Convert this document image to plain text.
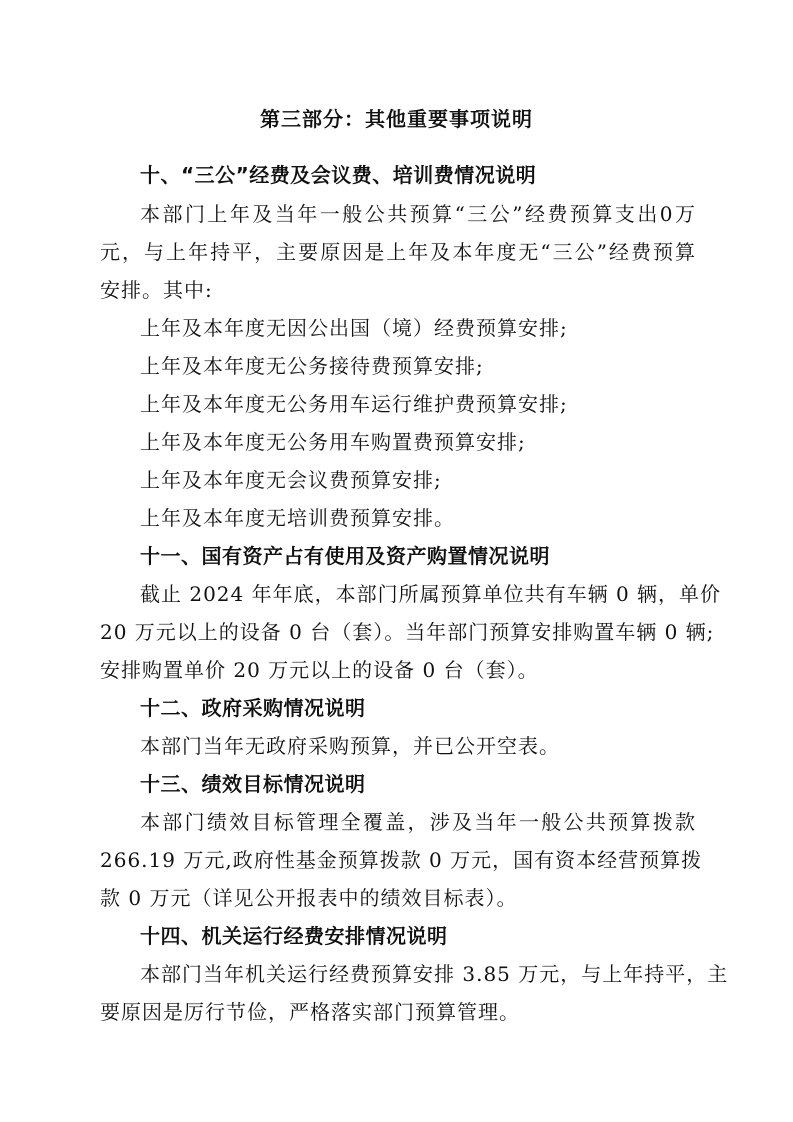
第三部分：其他重要事项说明
十、“三公”经费及会议费、培训费情况说明
本部门上年及当年一般公共预算“三公”经费预算支出0万
元，与上年持平，主要原因是上年及本年度无“三公”经费预算
安排。其中:
上年及本年度无因公出国（境）经费预算安排;
上年及本年度无公务接待费预算安排;
上年及本年度无公务用车运行维护费预算安排;
上年及本年度无公务用车购置费预算安排;
上年及本年度无会议费预算安排;
上年及本年度无培训费预算安排。
十一、国有资产占有使用及资产购置情况说明
截止 2024 年年底，本部门所属预算单位共有车辆 0 辆，单价
20 万元以上的设备 0 台（套）。当年部门预算安排购置车辆 0 辆;
安排购置单价 20 万元以上的设备 0 台（套）。
十二、政府采购情况说明
本部门当年无政府采购预算，并已公开空表。
十三、绩效目标情况说明
本部门绩效目标管理全覆盖，涉及当年一般公共预算拨款
266.19 万元,政府性基金预算拨款 0 万元，国有资本经营预算拨
款 0 万元（详见公开报表中的绩效目标表）。
十四、机关运行经费安排情况说明
本部门当年机关运行经费预算安排 3.85 万元，与上年持平，主
要原因是厉行节俭，严格落实部门预算管理。
